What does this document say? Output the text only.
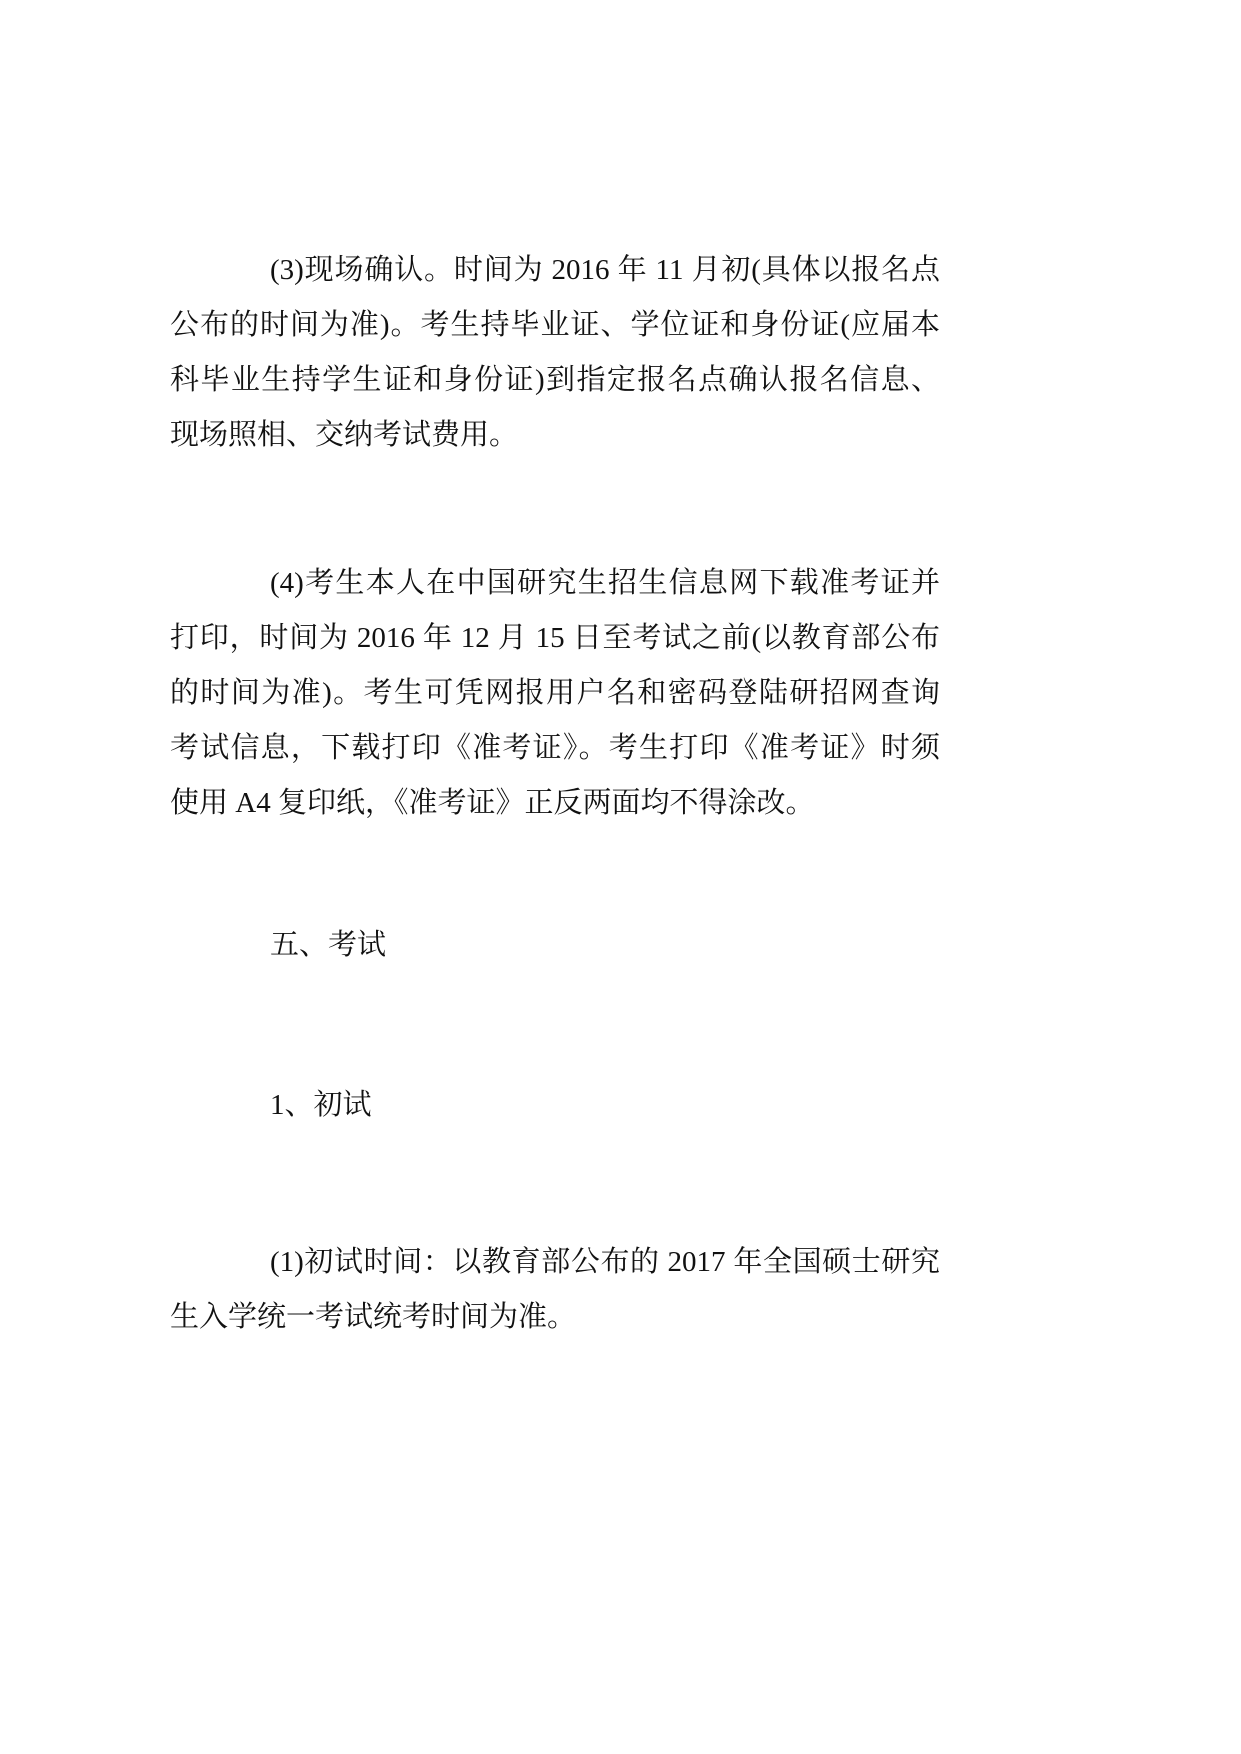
(3)现场确认。时间为 2016 年 11 月初(具体以报名点
公布的时间为准)。考生持毕业证、学位证和身份证(应届本
科毕业生持学生证和身份证)到指定报名点确认报名信息、
现场照相、交纳考试费用。
(4)考生本人在中国研究生招生信息网下载准考证并
打印，时间为 2016 年 12 月 15 日至考试之前(以教育部公布
的时间为准)。考生可凭网报用户名和密码登陆研招网查询
考试信息，下载打印《准考证》。考生打印《准考证》时须
使用 A4 复印纸，《准考证》正反两面均不得涂改。
五、考试
1、初试
(1)初试时间：以教育部公布的 2017 年全国硕士研究
生入学统一考试统考时间为准。
